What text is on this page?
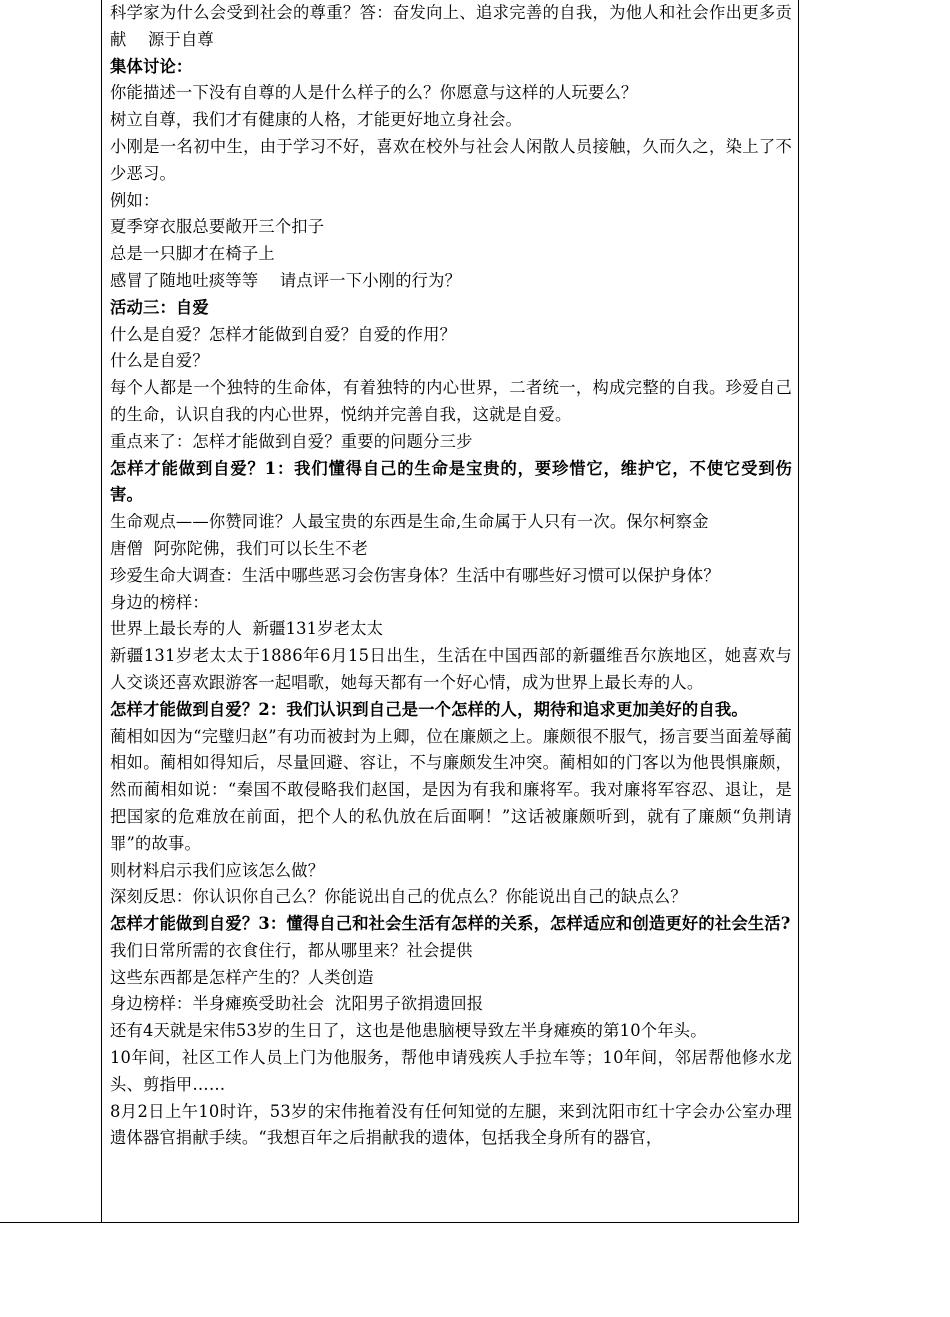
科学家为什么会受到社会的尊重？答：奋发向上、追求完善的自我，为他人和社会作出更多贡献    源于自尊

集体讨论：

你能描述一下没有自尊的人是什么样子的么？你愿意与这样的人玩要么？

树立自尊，我们才有健康的人格，才能更好地立身社会。

小刚是一名初中生，由于学习不好，喜欢在校外与社会人闲散人员接触，久而久之，染上了不少恶习。

例如：

夏季穿衣服总要敞开三个扣子

总是一只脚才在椅子上

感冒了随地吐痰等等    请点评一下小刚的行为？

活动三：自爱

什么是自爱？怎样才能做到自爱？自爱的作用？

什么是自爱？

每个人都是一个独特的生命体，有着独特的内心世界，二者统一，构成完整的自我。珍爱自己的生命，认识自我的内心世界，悦纳并完善自我，这就是自爱。

重点来了：怎样才能做到自爱？重要的问题分三步

怎样才能做到自爱？1：我们懂得自己的生命是宝贵的，要珍惜它，维护它，不使它受到伤害。

生命观点——你赞同谁？人最宝贵的东西是生命,生命属于人只有一次。保尔柯察金

唐僧  阿弥陀佛，我们可以长生不老

珍爱生命大调查：生活中哪些恶习会伤害身体？生活中有哪些好习惯可以保护身体？

身边的榜样：

世界上最长寿的人  新疆131岁老太太

新疆131岁老太太于1886年6月15日出生，生活在中国西部的新疆维吾尔族地区，她喜欢与人交谈还喜欢跟游客一起唱歌，她每天都有一个好心情，成为世界上最长寿的人。

怎样才能做到自爱？2：我们认识到自己是一个怎样的人，期待和追求更加美好的自我。

蔺相如因为“完璧归赵”有功而被封为上卿，位在廉颇之上。廉颇很不服气，扬言要当面羞辱蔺相如。蔺相如得知后，尽量回避、容让，不与廉颇发生冲突。蔺相如的门客以为他畏惧廉颇，然而蔺相如说：“秦国不敢侵略我们赵国，是因为有我和廉将军。我对廉将军容忍、退让，是把国家的危难放在前面，把个人的私仇放在后面啊！”这话被廉颇听到，就有了廉颇“负荆请罪”的故事。

则材料启示我们应该怎么做？

深刻反思：你认识你自己么？你能说出自己的优点么？你能说出自己的缺点么？

怎样才能做到自爱？3：懂得自己和社会生活有怎样的关系，怎样适应和创造更好的社会生活?

我们日常所需的衣食住行，都从哪里来？社会提供

这些东西都是怎样产生的？人类创造

身边榜样：半身瘫痪受助社会  沈阳男子欲捐遗回报

还有4天就是宋伟53岁的生日了，这也是他患脑梗导致左半身瘫痪的第10个年头。

10年间，社区工作人员上门为他服务，帮他申请残疾人手拉车等；10年间，邻居帮他修水龙头、剪指甲……

8月2日上午10时许，53岁的宋伟拖着没有任何知觉的左腿，来到沈阳市红十字会办公室办理遗体器官捐献手续。“我想百年之后捐献我的遗体，包括我全身所有的器官，
